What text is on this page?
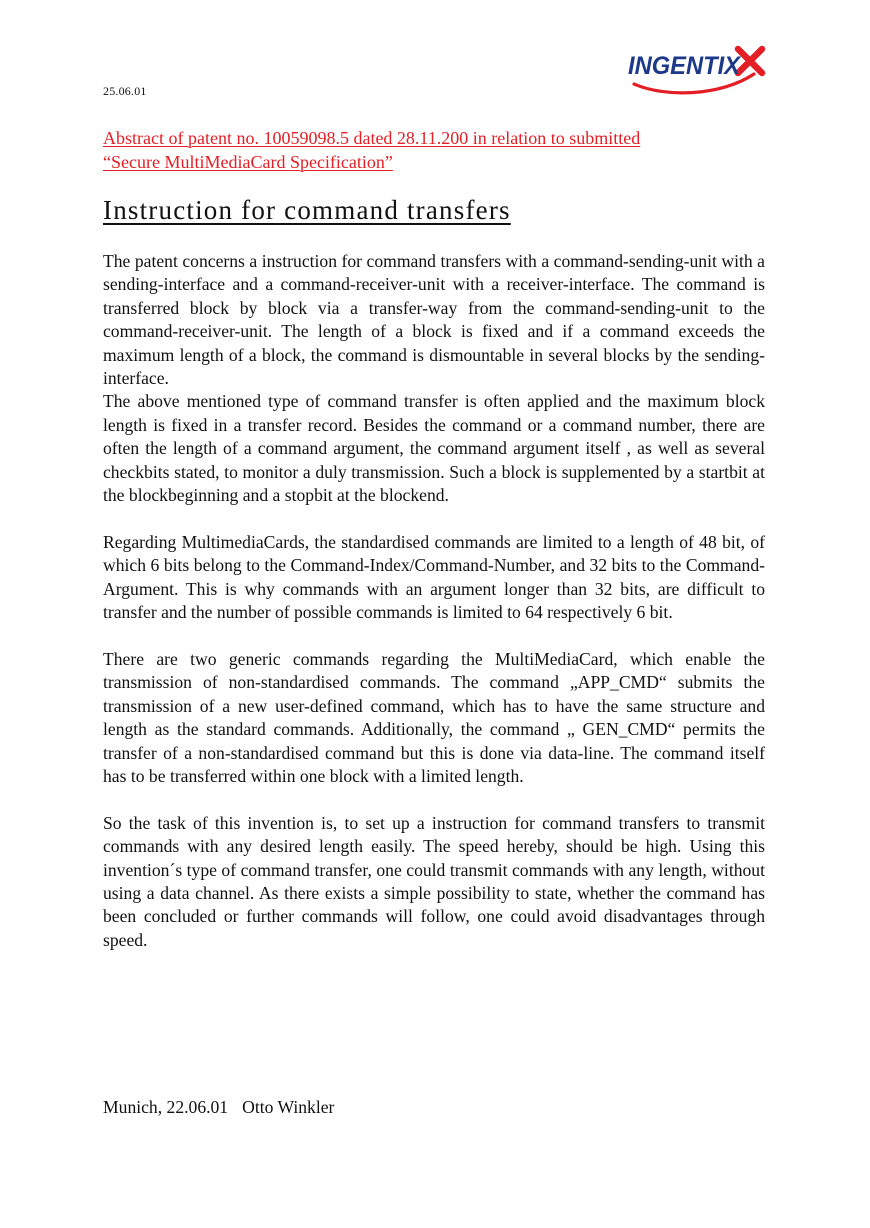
25.06.01
INGENTIX
Abstract of patent no. 10059098.5 dated 28.11.200 in relation to submitted
“Secure MultiMediaCard Specification”
Instruction for command transfers

The patent concerns a instruction for command transfers with a command-sending-unit with a sending-interface and a command-receiver-unit with a receiver-interface. The command is transferred block by block via a transfer-way from the command-sending-unit to the command-receiver-unit. The length of a block is fixed and if a command exceeds the maximum length of a block, the command is dismountable in several blocks by the sending-interface.

The above mentioned type of command transfer is often applied and the maximum block length is fixed in a transfer record. Besides the command or a command number, there are often the length of a command argument, the command argument itself , as well as several checkbits stated, to monitor a duly transmission. Such a block is supplemented by a startbit at the blockbeginning and a stopbit at the blockend.

Regarding MultimediaCards, the standardised commands are limited to a length of 48 bit, of which 6 bits belong to the Command-Index/Command-Number, and 32 bits to the Command-Argument. This is why commands with an argument longer than 32 bits, are difficult to transfer and the number of possible commands is limited to 64 respectively 6 bit.

There are two generic commands regarding the MultiMediaCard, which enable the transmission of non-standardised commands. The command „APP_CMD“ submits the transmission of a new user-defined command, which has to have the same structure and length as the standard commands. Additionally, the command „ GEN_CMD“ permits the transfer of a non-standardised command but this is done via data-line. The command itself has to be transferred within one block with a limited length.

So the task of this invention is, to set up a instruction for command transfers to transmit commands with any desired length easily. The speed hereby, should be high. Using this invention´s type of command transfer, one could transmit commands with any length, without using a data channel. As there exists a simple possibility to state, whether the command has been concluded or further commands will follow, one could avoid disadvantages through speed.

Munich, 22.06.01 Otto Winkler
